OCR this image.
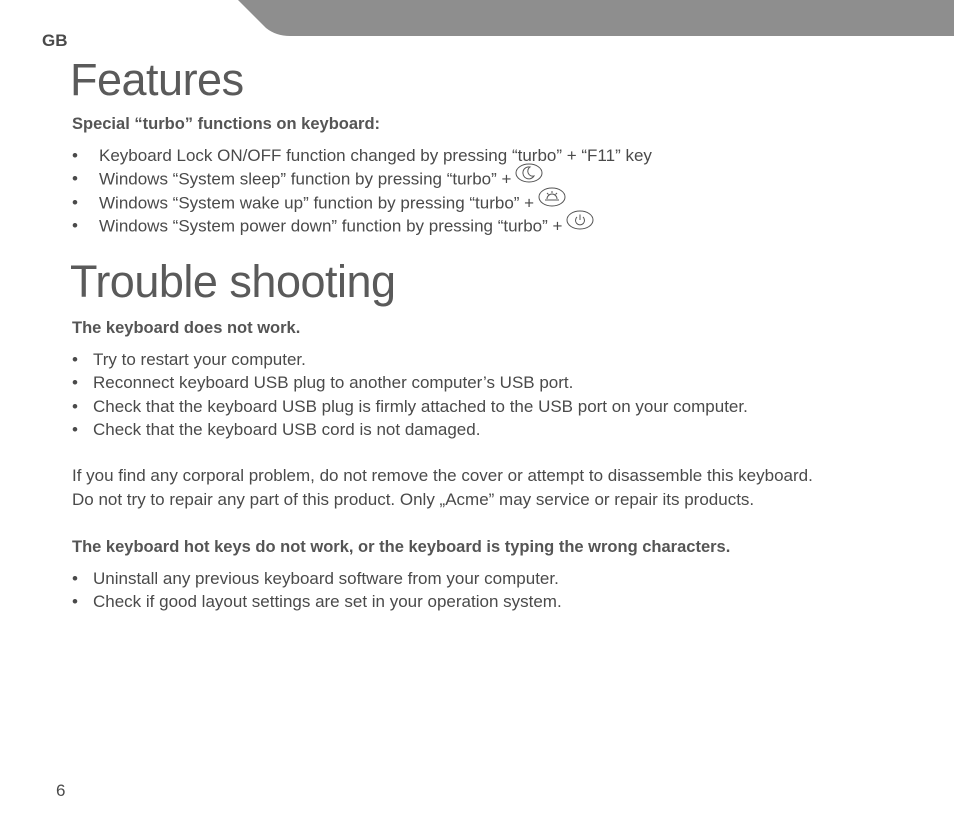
GB
Features

Special “turbo” functions on keyboard:

• Keyboard Lock ON/OFF function changed by pressing “turbo” + “F11” key
• Windows “System sleep” function by pressing “turbo” +
• Windows “System wake up” function by pressing “turbo” +
• Windows “System power down” function by pressing “turbo” +
Trouble shooting

The keyboard does not work.

• Try to restart your computer.
• Reconnect keyboard USB plug to another computer’s USB port.
• Check that the keyboard USB plug is firmly attached to the USB port on your computer.
• Check that the keyboard USB cord is not damaged.
If you find any corporal problem, do not remove the cover or attempt to disassemble this keyboard.
Do not try to repair any part of this product. Only „Acme” may service or repair its products.

The keyboard hot keys do not work, or the keyboard is typing the wrong characters.

• Uninstall any previous keyboard software from your computer.
• Check if good layout settings are set in your operation system.
6
